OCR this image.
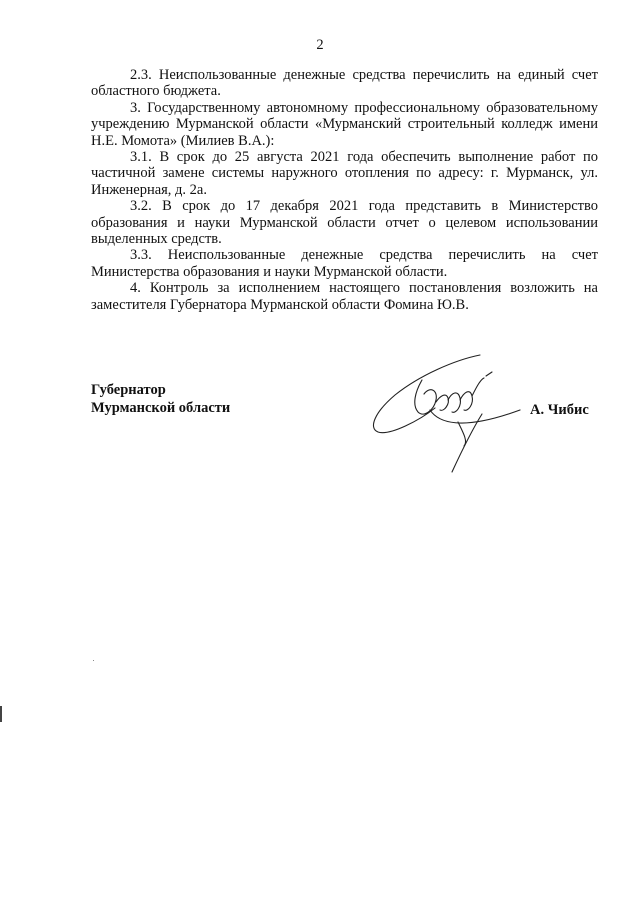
2

2.3. Неиспользованные денежные средства перечислить на единый счет областного бюджета.

3. Государственному автономному профессиональному образовательному учреждению Мурманской области «Мурманский строительный колледж имени Н.Е. Момота» (Милиев В.А.):

3.1. В срок до 25 августа 2021 года обеспечить выполнение работ по частичной замене системы наружного отопления по адресу: г. Мурманск, ул. Инженерная, д. 2а.

3.2. В срок до 17 декабря 2021 года представить в Министерство образования и науки Мурманской области отчет о целевом использовании выделенных средств.

3.3. Неиспользованные денежные средства перечислить на счет Министерства образования и науки Мурманской области.

4. Контроль за исполнением настоящего постановления возложить на заместителя Губернатора Мурманской области Фомина Ю.В.

Губернатор
Мурманской области	А. Чибис
